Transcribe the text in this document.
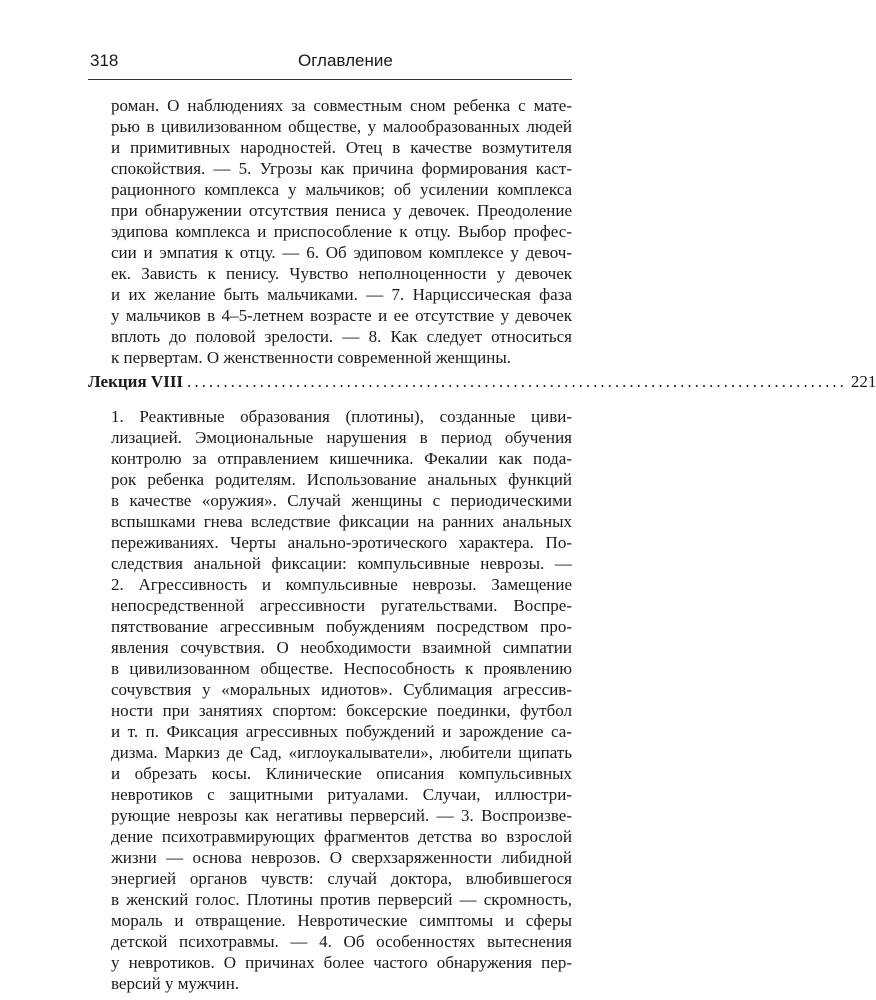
318	Оглавление
роман. О наблюдениях за совместным сном ребенка с мате-
рью в цивилизованном обществе, у малообразованных людей
и примитивных народностей. Отец в качестве возмутителя
спокойствия. — 5. Угрозы как причина формирования каст-
рационного комплекса у мальчиков; об усилении комплекса
при обнаружении отсутствия пениса у девочек. Преодоление
эдипова комплекса и приспособление к отцу. Выбор профес-
сии и эмпатия к отцу. — 6. Об эдиповом комплексе у девоч-
ек. Зависть к пенису. Чувство неполноценности у девочек
и их желание быть мальчиками. — 7. Нарциссическая фаза
у мальчиков в 4–5-летнем возрасте и ее отсутствие у девочек
вплоть до половой зрелости. — 8. Как следует относиться
к первертам. О женственности современной женщины.
Лекция VIII ........................................................................................... 221
1. Реактивные образования (плотины), созданные циви-
лизацией. Эмоциональные нарушения в период обучения
контролю за отправлением кишечника. Фекалии как пода-
рок ребенка родителям. Использование анальных функций
в качестве «оружия». Случай женщины с периодическими
вспышками гнева вследствие фиксации на ранних анальных
переживаниях. Черты анально-эротического характера. По-
следствия анальной фиксации: компульсивные неврозы. —
2. Агрессивность и компульсивные неврозы. Замещение
непосредственной агрессивности ругательствами. Воспре-
пятствование агрессивным побуждениям посредством про-
явления сочувствия. О необходимости взаимной симпатии
в цивилизованном обществе. Неспособность к проявлению
сочувствия у «моральных идиотов». Сублимация агрессив-
ности при занятиях спортом: боксерские поединки, футбол
и т. п. Фиксация агрессивных побуждений и зарождение са-
дизма. Маркиз де Сад, «иглоукалыватели», любители щипать
и обрезать косы. Клинические описания компульсивных
невротиков с защитными ритуалами. Случаи, иллюстри-
рующие неврозы как негативы перверсий. — 3. Воспроизве-
дение психотравмирующих фрагментов детства во взрослой
жизни — основа неврозов. О сверхзаряженности либидной
энергией органов чувств: случай доктора, влюбившегося
в женский голос. Плотины против перверсий — скромность,
мораль и отвращение. Невротические симптомы и сферы
детской психотравмы. — 4. Об особенностях вытеснения
у невротиков. О причинах более частого обнаружения пер-
версий у мужчин.
